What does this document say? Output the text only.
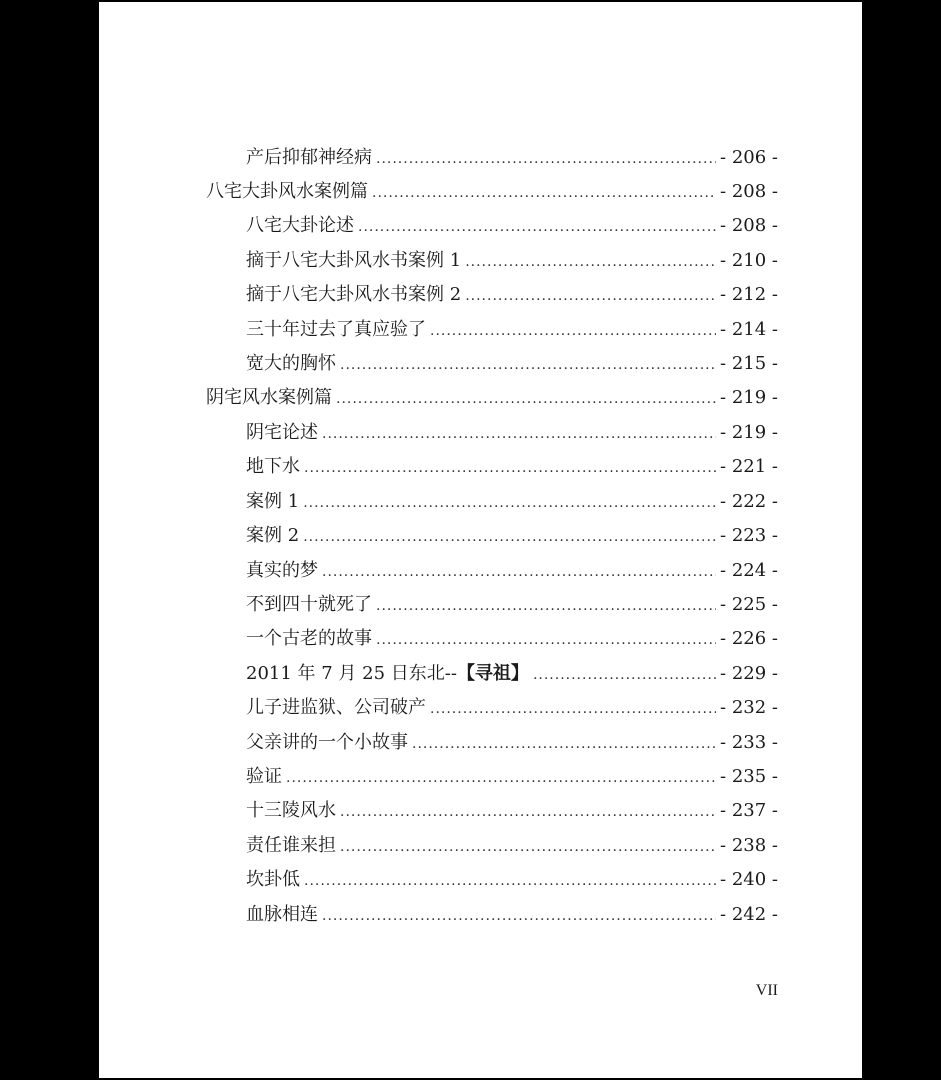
产后抑郁神经病 .....	- 206 -
八宅大卦风水案例篇 .....	- 208 -
八宅大卦论述 .....	- 208 -
摘于八宅大卦风水书案例 1 .....	- 210 -
摘于八宅大卦风水书案例 2 .....	- 212 -
三十年过去了真应验了 .....	- 214 -
宽大的胸怀 .....	- 215 -
阴宅风水案例篇 .....	- 219 -
阴宅论述 .....	- 219 -
地下水 .....	- 221 -
案例 1 .....	- 222 -
案例 2 .....	- 223 -
真实的梦 .....	- 224 -
不到四十就死了 .....	- 225 -
一个古老的故事 .....	- 226 -
2011 年 7 月 25 日东北--【寻祖】 .....	- 229 -
儿子进监狱、公司破产 .....	- 232 -
父亲讲的一个小故事 .....	- 233 -
验证 .....	- 235 -
十三陵风水 .....	- 237 -
责任谁来担 .....	- 238 -
坎卦低 .....	- 240 -
血脉相连 .....	- 242 -
VII
